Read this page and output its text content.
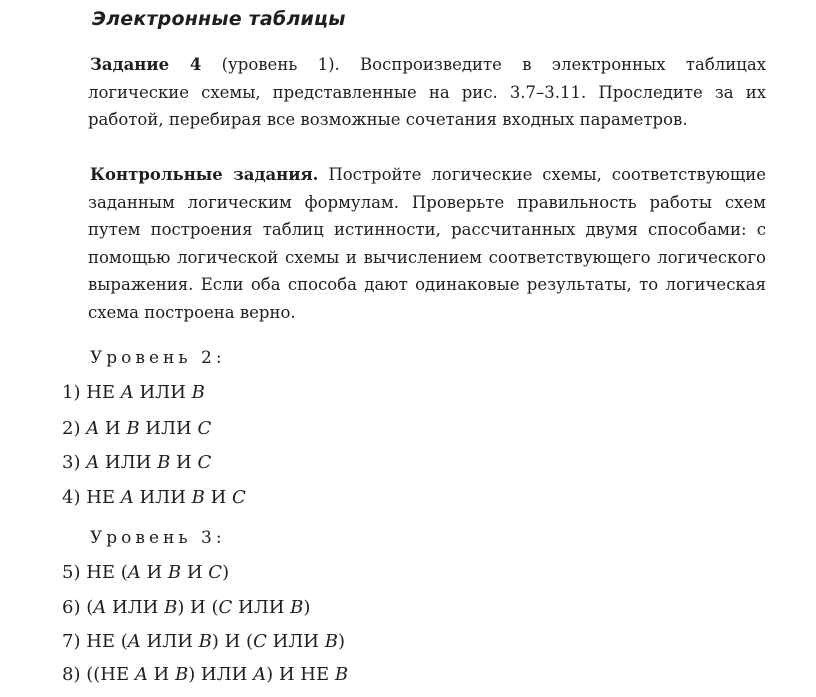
Электронные таблицы
Задание 4 (уровень 1). Воспроизведите в электронных таблицах логические схемы, представленные на рис. 3.7–3.11. Проследите за их работой, перебирая все возможные сочетания входных параметров.
Контрольные задания. Постройте логические схемы, соответствующие заданным логическим формулам. Проверьте правильность работы схем путем построения таблиц истинности, рассчитанных двумя способами: с помощью логической схемы и вычислением соответствующего логического выражения. Если оба способа дают одинаковые результаты, то логическая схема построена верно.
Уровень 2:
1) НЕ A ИЛИ B
2) A И B ИЛИ C
3) A ИЛИ B И C
4) НЕ A ИЛИ B И C
Уровень 3:
5) НЕ (A И B И C)
6) (A ИЛИ B) И (C ИЛИ B)
7) НЕ (A ИЛИ B) И (C ИЛИ B)
8) ((НЕ A И B) ИЛИ A) И НЕ B
